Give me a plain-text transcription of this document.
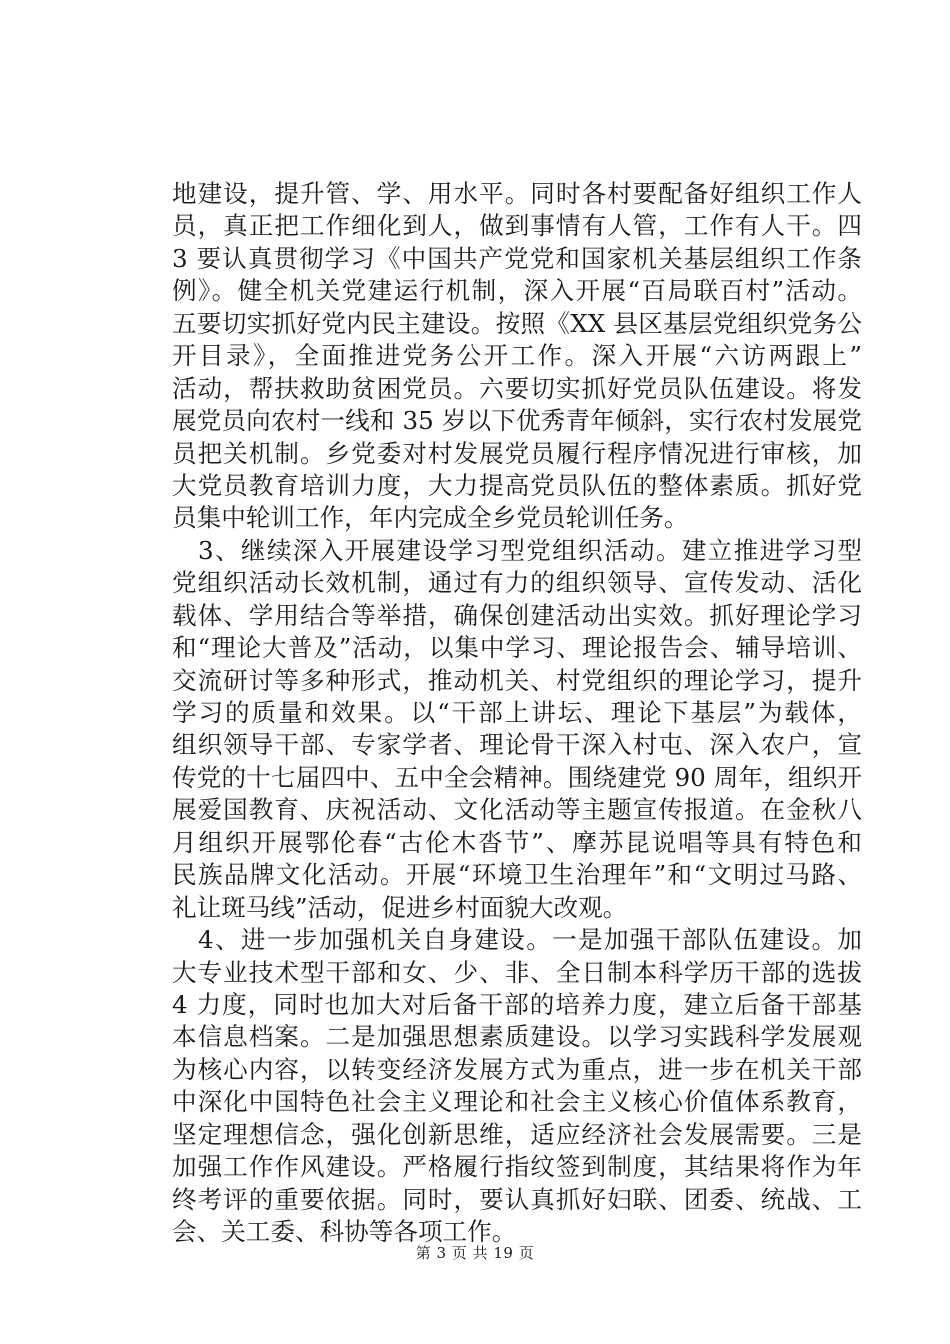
地建设，提升管、学、用水平。同时各村要配备好组织工作人
员，真正把工作细化到人，做到事情有人管，工作有人干。四
3 要认真贯彻学习《中国共产党党和国家机关基层组织工作条
例》。健全机关党建运行机制，深入开展“百局联百村”活动。
五要切实抓好党内民主建设。按照《XX 县区基层党组织党务公
开目录》，全面推进党务公开工作。深入开展“六访两跟上”
活动，帮扶救助贫困党员。六要切实抓好党员队伍建设。将发
展党员向农村一线和 35 岁以下优秀青年倾斜，实行农村发展党
员把关机制。乡党委对村发展党员履行程序情况进行审核，加
大党员教育培训力度，大力提高党员队伍的整体素质。抓好党
员集中轮训工作，年内完成全乡党员轮训任务。
3、继续深入开展建设学习型党组织活动。建立推进学习型
党组织活动长效机制，通过有力的组织领导、宣传发动、活化
载体、学用结合等举措，确保创建活动出实效。抓好理论学习
和“理论大普及”活动，以集中学习、理论报告会、辅导培训、
交流研讨等多种形式，推动机关、村党组织的理论学习，提升
学习的质量和效果。以“干部上讲坛、理论下基层”为载体，
组织领导干部、专家学者、理论骨干深入村屯、深入农户，宣
传党的十七届四中、五中全会精神。围绕建党 90 周年，组织开
展爱国教育、庆祝活动、文化活动等主题宣传报道。在金秋八
月组织开展鄂伦春“古伦木沓节”、摩苏昆说唱等具有特色和
民族品牌文化活动。开展“环境卫生治理年”和“文明过马路、
礼让斑马线”活动，促进乡村面貌大改观。
4、进一步加强机关自身建设。一是加强干部队伍建设。加
大专业技术型干部和女、少、非、全日制本科学历干部的选拔
4 力度，同时也加大对后备干部的培养力度，建立后备干部基
本信息档案。二是加强思想素质建设。以学习实践科学发展观
为核心内容，以转变经济发展方式为重点，进一步在机关干部
中深化中国特色社会主义理论和社会主义核心价值体系教育，
坚定理想信念，强化创新思维，适应经济社会发展需要。三是
加强工作作风建设。严格履行指纹签到制度，其结果将作为年
终考评的重要依据。同时，要认真抓好妇联、团委、统战、工
会、关工委、科协等各项工作。
第 3 页 共 19 页
